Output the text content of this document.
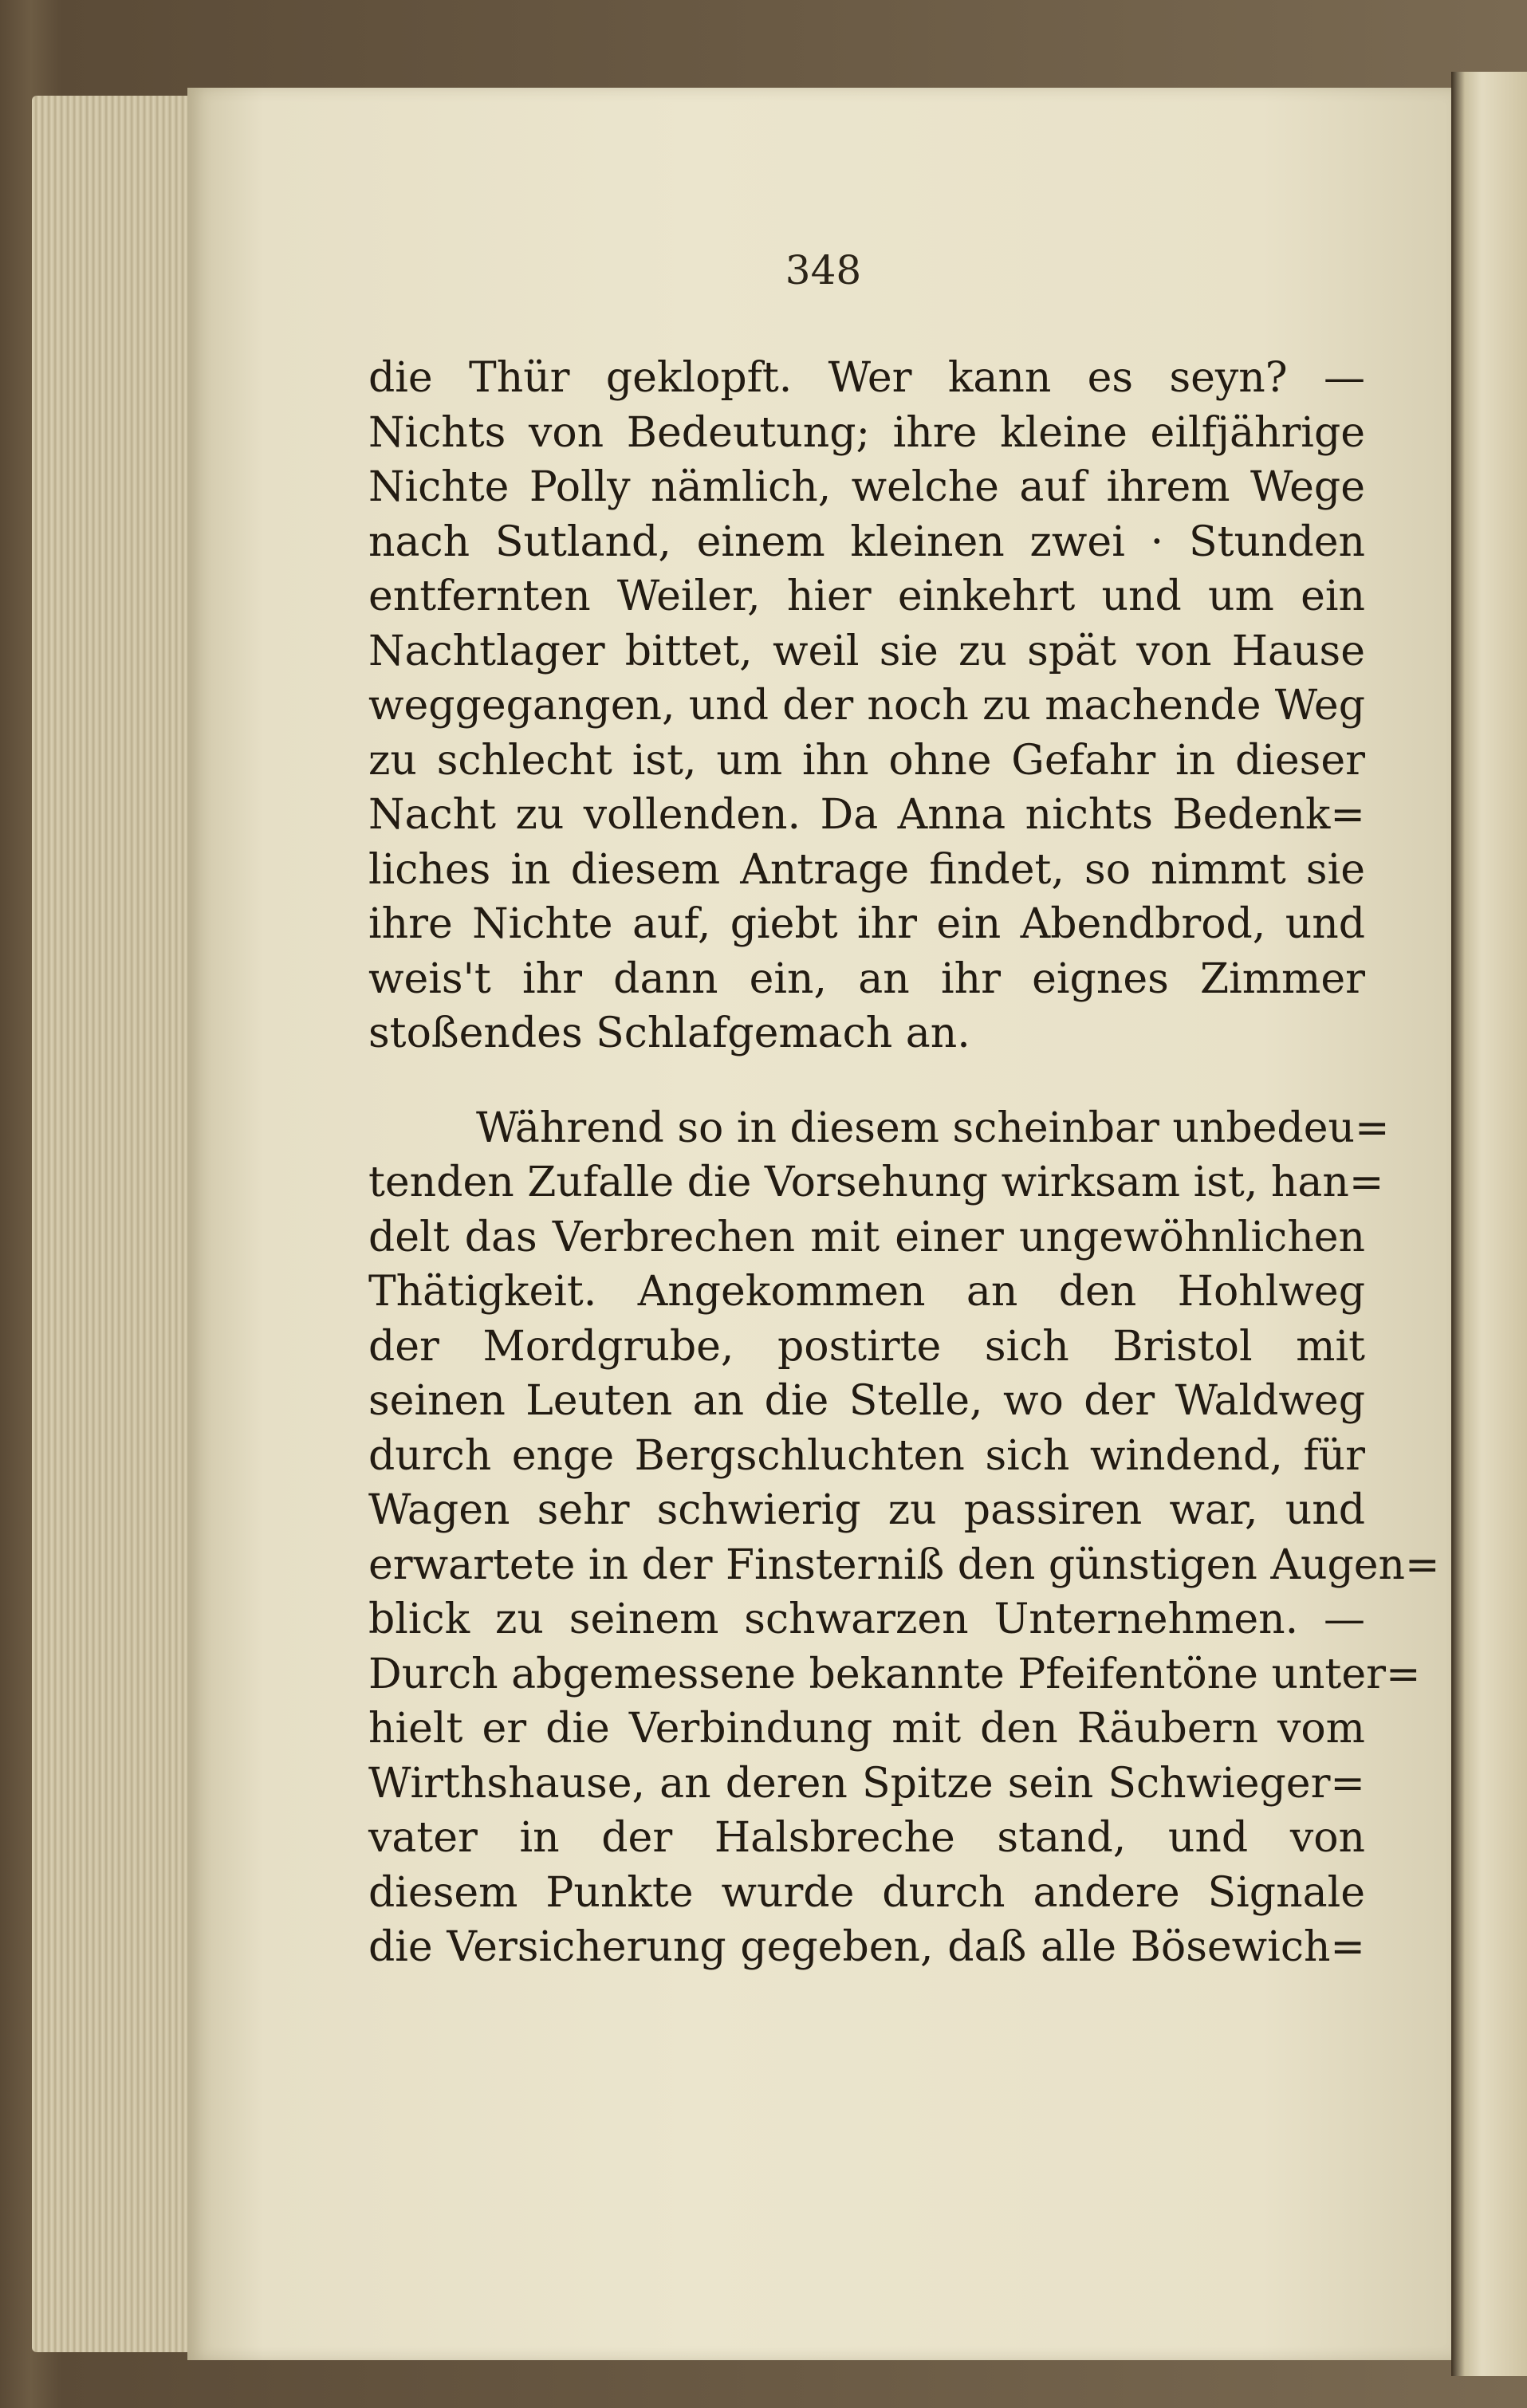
348
die Thür geklopft. Wer kann es seyn? —
Nichts von Bedeutung; ihre kleine eilfjährige
Nichte Polly nämlich, welche auf ihrem Wege
nach Sutland, einem kleinen zwei · Stunden
entfernten Weiler, hier einkehrt und um ein
Nachtlager bittet, weil sie zu spät von Hause
weggegangen, und der noch zu machende Weg
zu schlecht ist, um ihn ohne Gefahr in dieser
Nacht zu vollenden. Da Anna nichts Bedenk=
liches in diesem Antrage findet, so nimmt sie
ihre Nichte auf, giebt ihr ein Abendbrod, und
weis't ihr dann ein, an ihr eignes Zimmer
stoßendes Schlafgemach an.
Während so in diesem scheinbar unbedeu=
tenden Zufalle die Vorsehung wirksam ist, han=
delt das Verbrechen mit einer ungewöhnlichen
Thätigkeit. Angekommen an den Hohlweg
der Mordgrube, postirte sich Bristol mit
seinen Leuten an die Stelle, wo der Waldweg
durch enge Bergschluchten sich windend, für
Wagen sehr schwierig zu passiren war, und
erwartete in der Finsterniß den günstigen Augen=
blick zu seinem schwarzen Unternehmen. —
Durch abgemessene bekannte Pfeifentöne unter=
hielt er die Verbindung mit den Räubern vom
Wirthshause, an deren Spitze sein Schwieger=
vater in der Halsbreche stand, und von
diesem Punkte wurde durch andere Signale
die Versicherung gegeben, daß alle Bösewich=
